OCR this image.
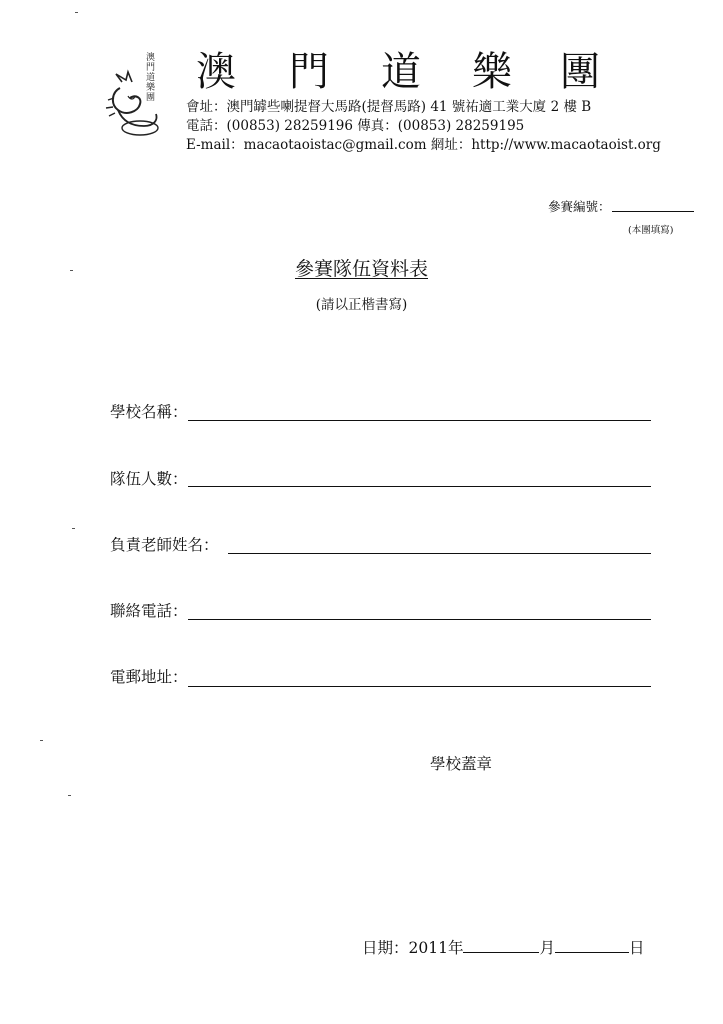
澳門道樂團 澳 門 道 樂 團
會址：澳門罅些喇提督大馬路(提督馬路) 41 號祐適工業大廈 2 樓 B
電話：(00853) 28259196 傳真：(00853) 28259195
E-mail：macaotaoistac@gmail.com 網址：http://www.macaotaoist.org
參賽編號：
(本團填寫)
參賽隊伍資料表
(請以正楷書寫)
學校名稱：
隊伍人數：
負責老師姓名：
聯絡電話：
電郵地址：
學校蓋章
日期：2011年	月	日
